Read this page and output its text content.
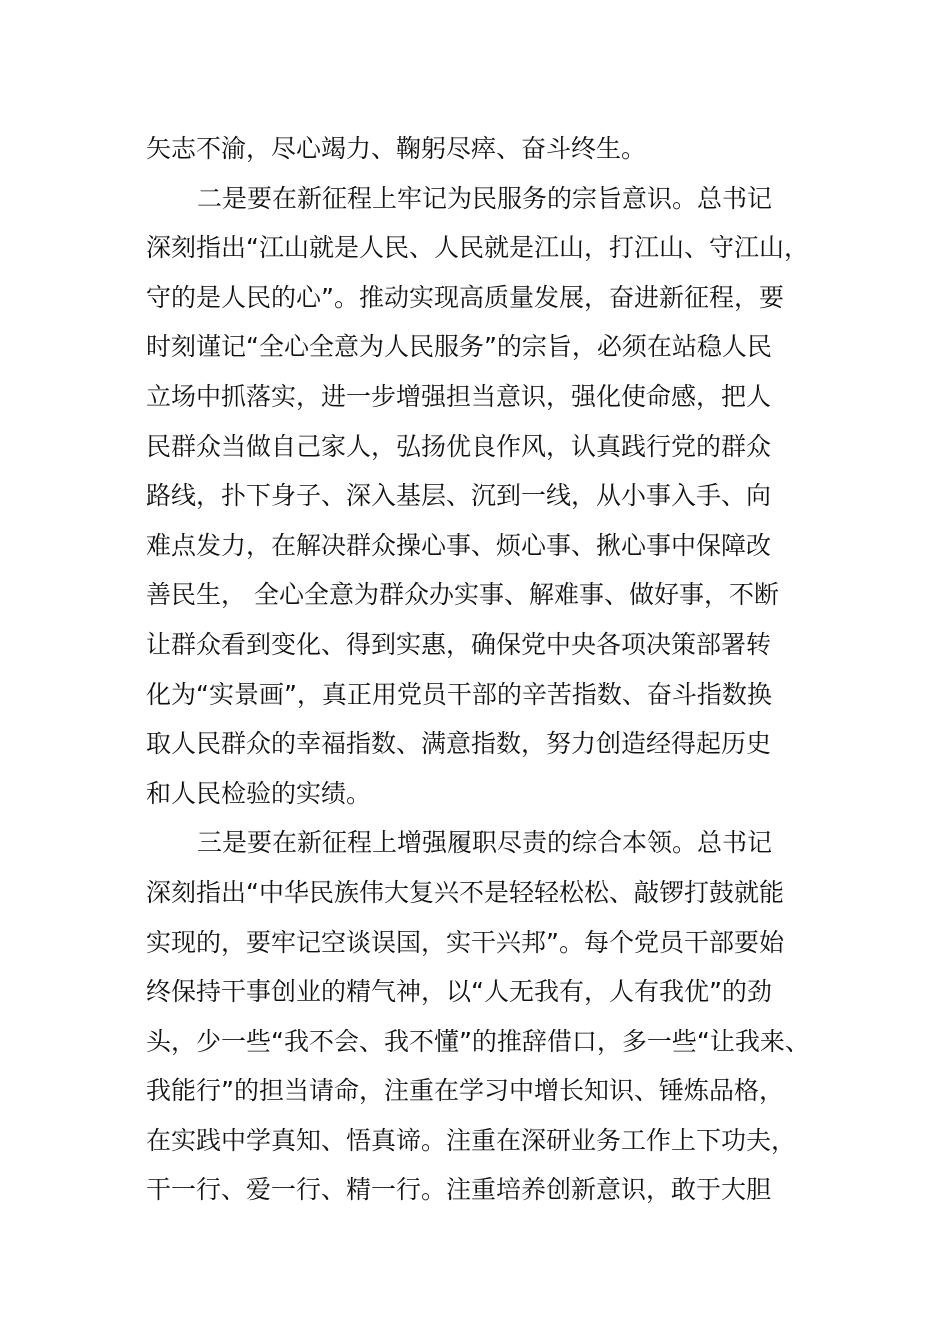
矢志不渝，尽心竭力、鞠躬尽瘁、奋斗终生。
二是要在新征程上牢记为民服务的宗旨意识。总书记
深刻指出“江山就是人民、人民就是江山，打江山、守江山，
守的是人民的心”。推动实现高质量发展，奋进新征程，要
时刻谨记“全心全意为人民服务”的宗旨，必须在站稳人民
立场中抓落实，进一步增强担当意识，强化使命感，把人
民群众当做自己家人，弘扬优良作风，认真践行党的群众
路线，扑下身子、深入基层、沉到一线，从小事入手、向
难点发力，在解决群众操心事、烦心事、揪心事中保障改
善民生， 全心全意为群众办实事、解难事、做好事，不断
让群众看到变化、得到实惠，确保党中央各项决策部署转
化为“实景画”，真正用党员干部的辛苦指数、奋斗指数换
取人民群众的幸福指数、满意指数，努力创造经得起历史
和人民检验的实绩。
三是要在新征程上增强履职尽责的综合本领。总书记
深刻指出“中华民族伟大复兴不是轻轻松松、敲锣打鼓就能
实现的，要牢记空谈误国，实干兴邦”。每个党员干部要始
终保持干事创业的精气神，以“人无我有，人有我优”的劲
头，少一些“我不会、我不懂”的推辞借口，多一些“让我来、
我能行”的担当请命，注重在学习中增长知识、锤炼品格，
在实践中学真知、悟真谛。注重在深研业务工作上下功夫，
干一行、爱一行、精一行。注重培养创新意识，敢于大胆
